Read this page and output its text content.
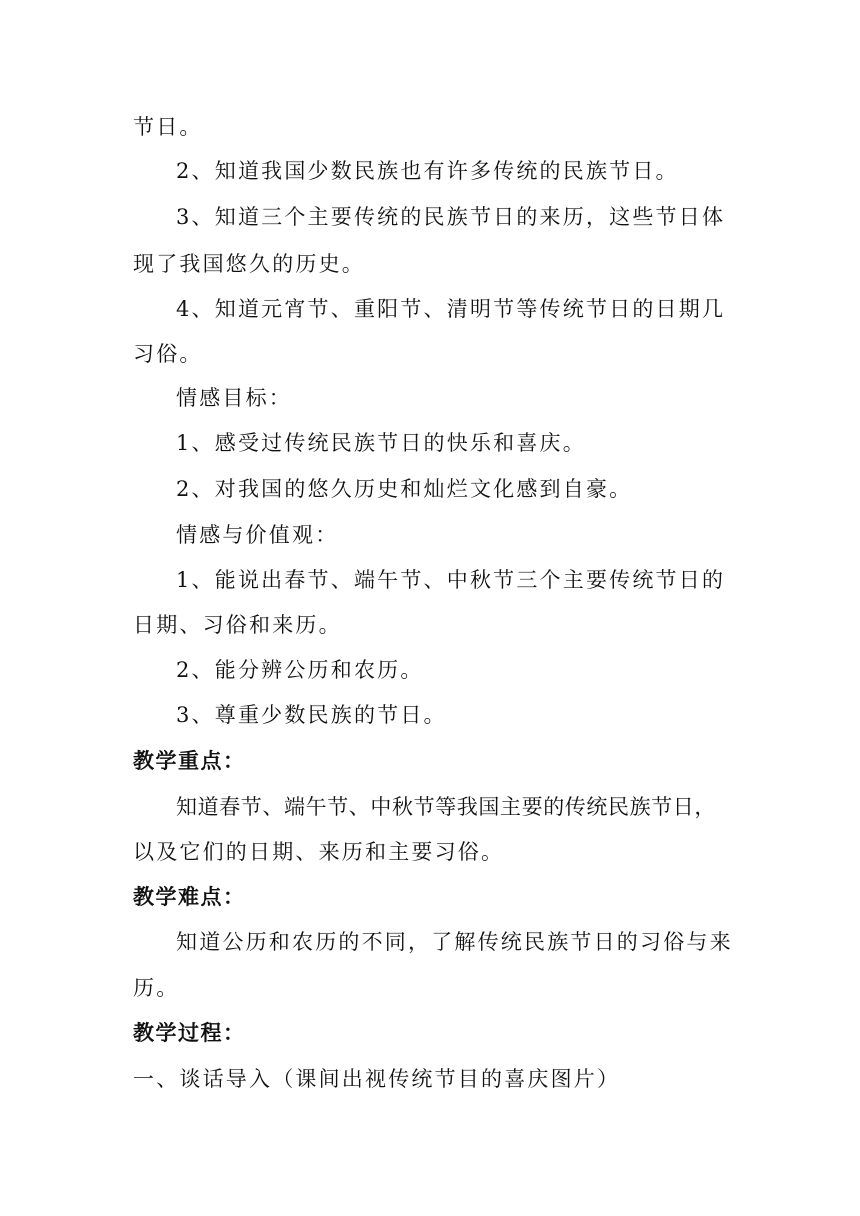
节日。
2、知道我国少数民族也有许多传统的民族节日。
3、知道三个主要传统的民族节日的来历，这些节日体
现了我国悠久的历史。
4、知道元宵节、重阳节、清明节等传统节日的日期几
习俗。
情感目标：
1、感受过传统民族节日的快乐和喜庆。
2、对我国的悠久历史和灿烂文化感到自豪。
情感与价值观：
1、能说出春节、端午节、中秋节三个主要传统节日的
日期、习俗和来历。
2、能分辨公历和农历。
3、尊重少数民族的节日。
教学重点：
知道春节、端午节、中秋节等我国主要的传统民族节日，
以及它们的日期、来历和主要习俗。
教学难点：
知道公历和农历的不同，了解传统民族节日的习俗与来
历。
教学过程：
一、谈话导入（课间出视传统节目的喜庆图片）
